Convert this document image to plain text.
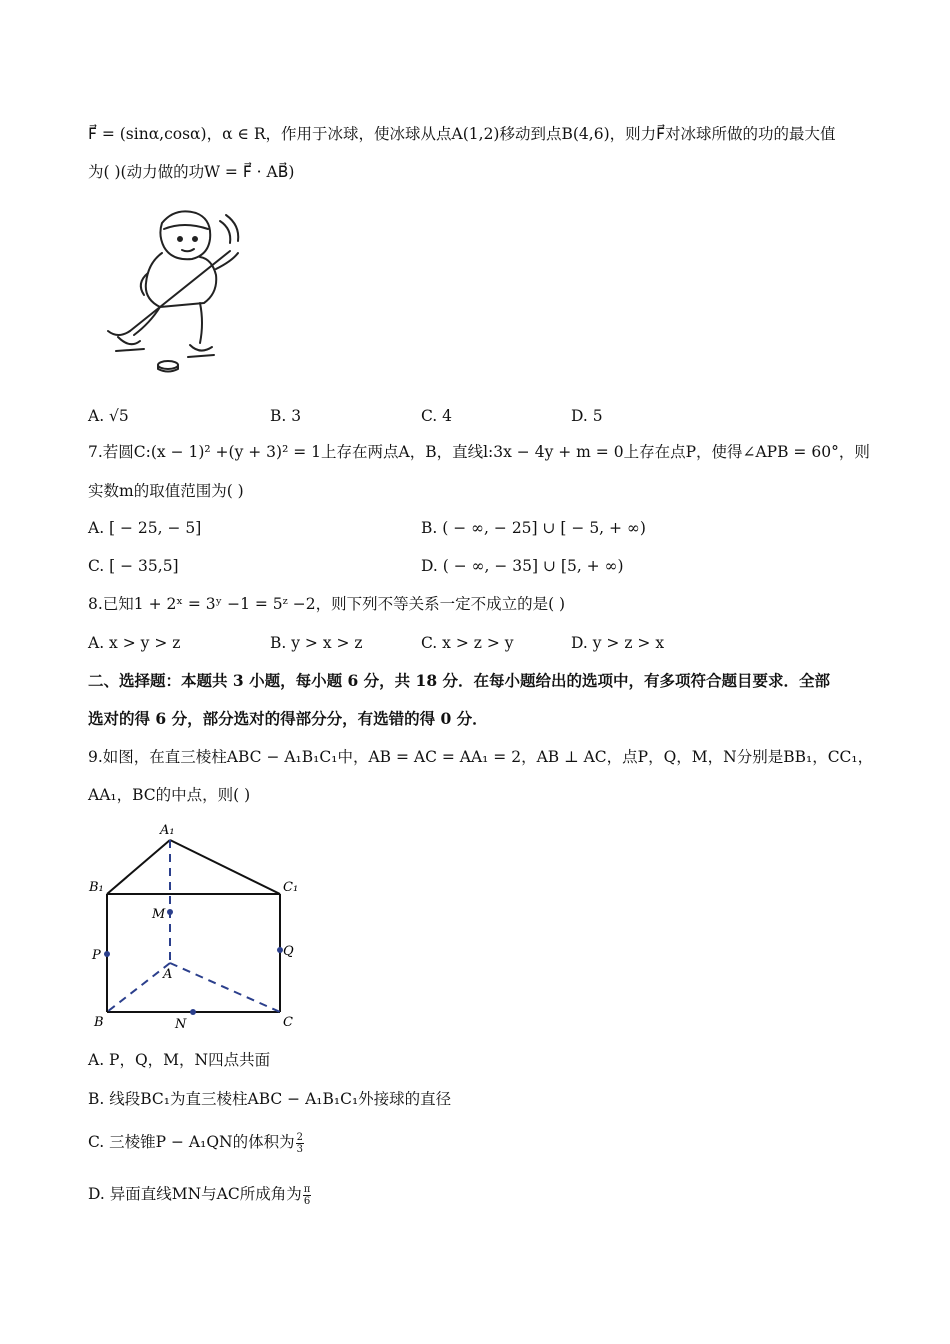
F⃗ = (sinα,cosα)，α ∈ R，作用于冰球，使冰球从点A(1,2)移动到点B(4,6)，则力F⃗对冰球所做的功的最大值
为( )(动力做的功W = F⃗ · AB⃗)
A. √5	B. 3	C. 4	D. 5
7.若圆C:(x − 1)² +(y + 3)² = 1上存在两点A，B，直线l:3x − 4y + m = 0上存在点P，使得∠APB = 60°，则
实数m的取值范围为( )
A. [ − 25, − 5]	B. ( − ∞, − 25] ∪ [ − 5, + ∞)
C. [ − 35,5]	D. ( − ∞, − 35] ∪ [5, + ∞)
8.已知1 + 2ˣ = 3ʸ −1 = 5ᶻ −2，则下列不等关系一定不成立的是( )
A. x > y > z	B. y > x > z	C. x > z > y	D. y > z > x
二、选择题：本题共 3 小题，每小题 6 分，共 18 分．在每小题给出的选项中，有多项符合题目要求．全部
选对的得 6 分，部分选对的得部分分，有选错的得 0 分．
9.如图，在直三棱柱ABC − A₁B₁C₁中，AB = AC = AA₁ = 2，AB ⊥ AC，点P，Q，M，N分别是BB₁，CC₁，
AA₁，BC的中点，则( )
A₁
B₁	C₁
M
P	Q
A
B	N	C
A. P，Q，M，N四点共面
B. 线段BC₁为直三棱柱ABC − A₁B₁C₁外接球的直径
C. 三棱锥P − A₁QN的体积为 $\frac{2}{3}$
D. 异面直线MN与AC所成角为 $\frac{\pi}{6}$
